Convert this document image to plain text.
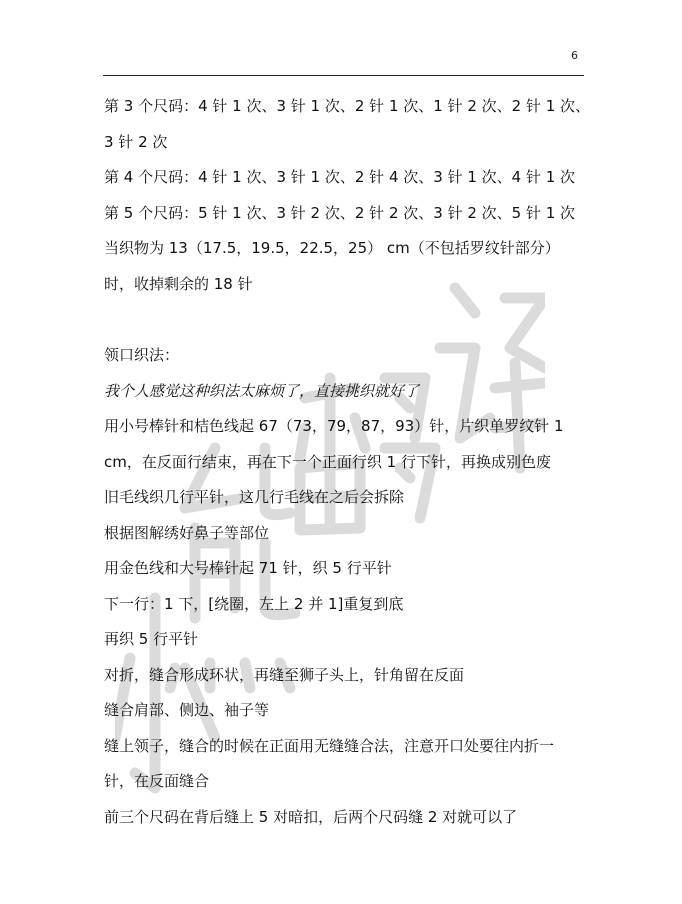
6
第 3 个尺码：4 针 1 次、3 针 1 次、2 针 1 次、1 针 2 次、2 针 1 次、
3 针 2 次
第 4 个尺码：4 针 1 次、3 针 1 次、2 针 4 次、3 针 1 次、4 针 1 次
第 5 个尺码：5 针 1 次、3 针 2 次、2 针 2 次、3 针 2 次、5 针 1 次
当织物为 13（17.5，19.5，22.5，25） cm（不包括罗纹针部分）
时，收掉剩余的 18 针
领口织法：
我个人感觉这种织法太麻烦了，直接挑织就好了
用小号棒针和桔色线起 67（73，79，87，93）针，片织单罗纹针 1
cm，在反面行结束，再在下一个正面行织 1 行下针，再换成别色废
旧毛线织几行平针，这几行毛线在之后会拆除
根据图解绣好鼻子等部位
用金色线和大号棒针起 71 针，织 5 行平针
下一行：1 下，[绕圈，左上 2 并 1]重复到底
再织 5 行平针
对折，缝合形成环状，再缝至狮子头上，针角留在反面
缝合肩部、侧边、袖子等
缝上领子，缝合的时候在正面用无缝缝合法，注意开口处要往内折一
针，在反面缝合
前三个尺码在背后缝上 5 对暗扣，后两个尺码缝 2 对就可以了
